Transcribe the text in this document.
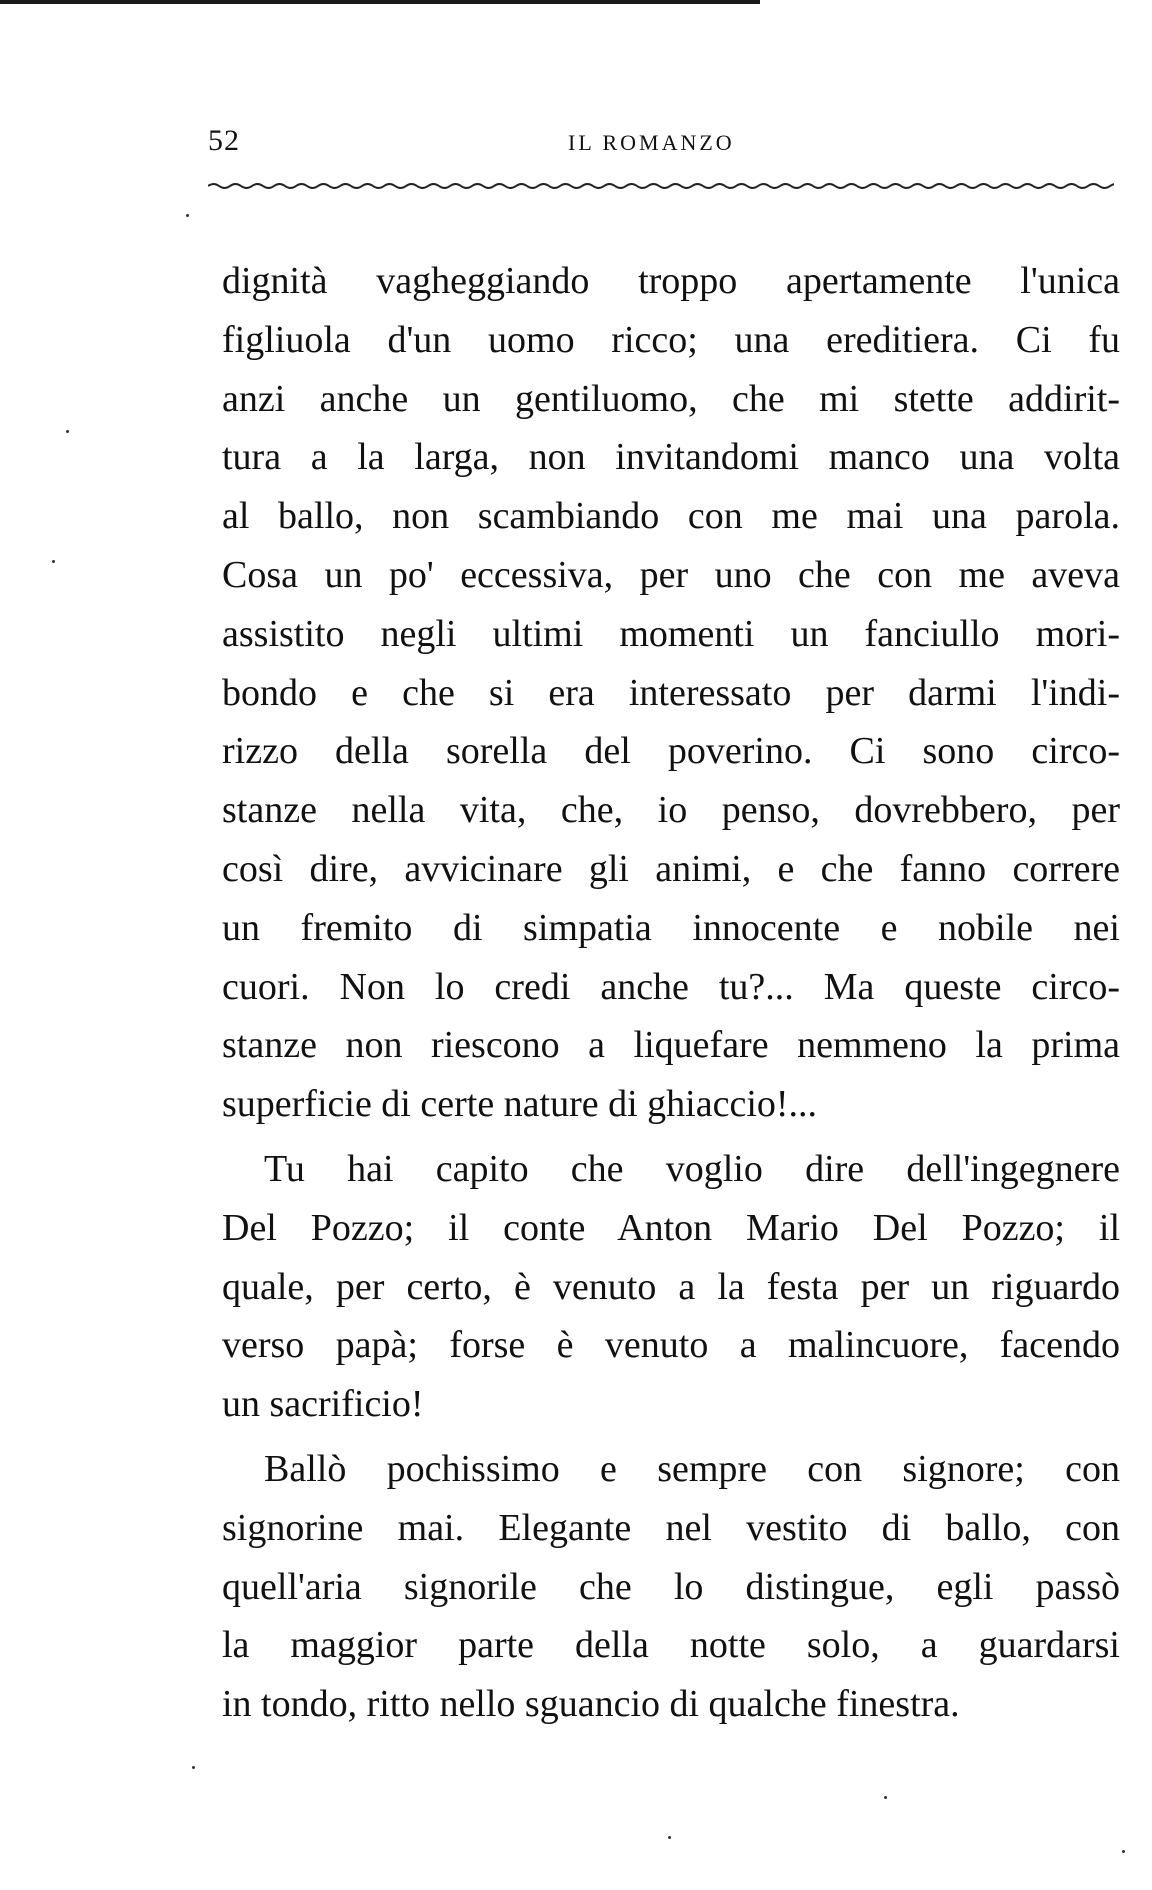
52	IL ROMANZO
dignità vagheggiando troppo apertamente l'unica
figliuola d'un uomo ricco; una ereditiera. Ci fu
anzi anche un gentiluomo, che mi stette addirit-
tura a la larga, non invitandomi manco una volta
al ballo, non scambiando con me mai una parola.
Cosa un po' eccessiva, per uno che con me aveva
assistito negli ultimi momenti un fanciullo mori-
bondo e che si era interessato per darmi l'indi-
rizzo della sorella del poverino. Ci sono circo-
stanze nella vita, che, io penso, dovrebbero, per
così dire, avvicinare gli animi, e che fanno correre
un fremito di simpatia innocente e nobile nei
cuori. Non lo credi anche tu?... Ma queste circo-
stanze non riescono a liquefare nemmeno la prima
superficie di certe nature di ghiaccio!...
Tu hai capito che voglio dire dell'ingegnere
Del Pozzo; il conte Anton Mario Del Pozzo; il
quale, per certo, è venuto a la festa per un riguardo
verso papà; forse è venuto a malincuore, facendo
un sacrificio!
Ballò pochissimo e sempre con signore; con
signorine mai. Elegante nel vestito di ballo, con
quell'aria signorile che lo distingue, egli passò
la maggior parte della notte solo, a guardarsi
in tondo, ritto nello sguancio di qualche finestra.
